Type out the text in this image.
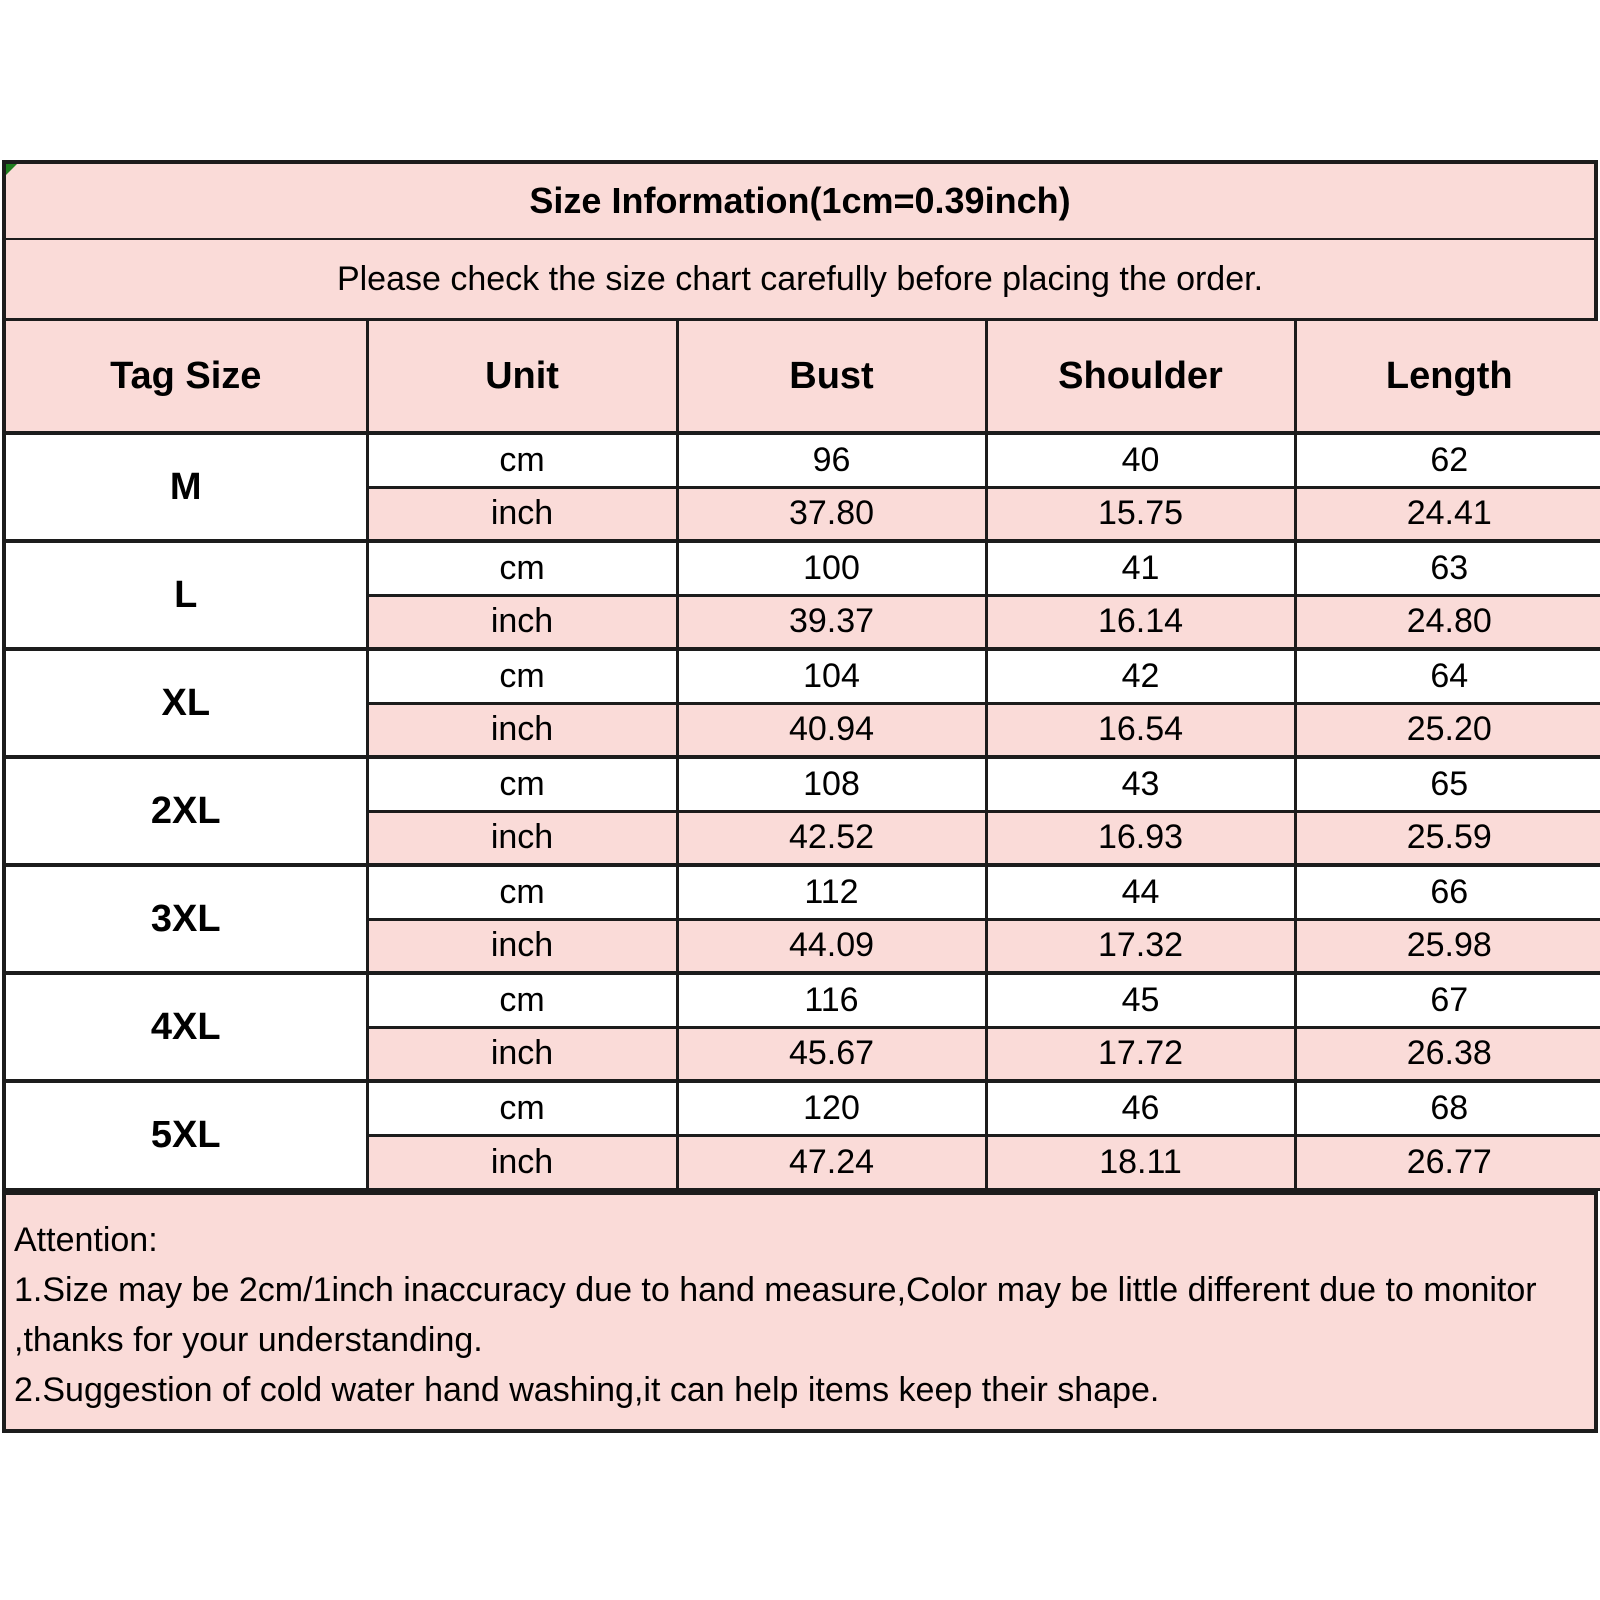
Size Information(1cm=0.39inch)
Please check the size chart carefully before placing the order.
Tag Size	Unit	Bust	Shoulder	Length
M	cm	96	40	62
	inch	37.80	15.75	24.41
L	cm	100	41	63
	inch	39.37	16.14	24.80
XL	cm	104	42	64
	inch	40.94	16.54	25.20
2XL	cm	108	43	65
	inch	42.52	16.93	25.59
3XL	cm	112	44	66
	inch	44.09	17.32	25.98
4XL	cm	116	45	67
	inch	45.67	17.72	26.38
5XL	cm	120	46	68
	inch	47.24	18.11	26.77
Attention:
1.Size may be 2cm/1inch inaccuracy due to hand measure,Color may be little different due to monitor ,thanks for your understanding.
2.Suggestion of cold water hand washing,it can help items keep their shape.
